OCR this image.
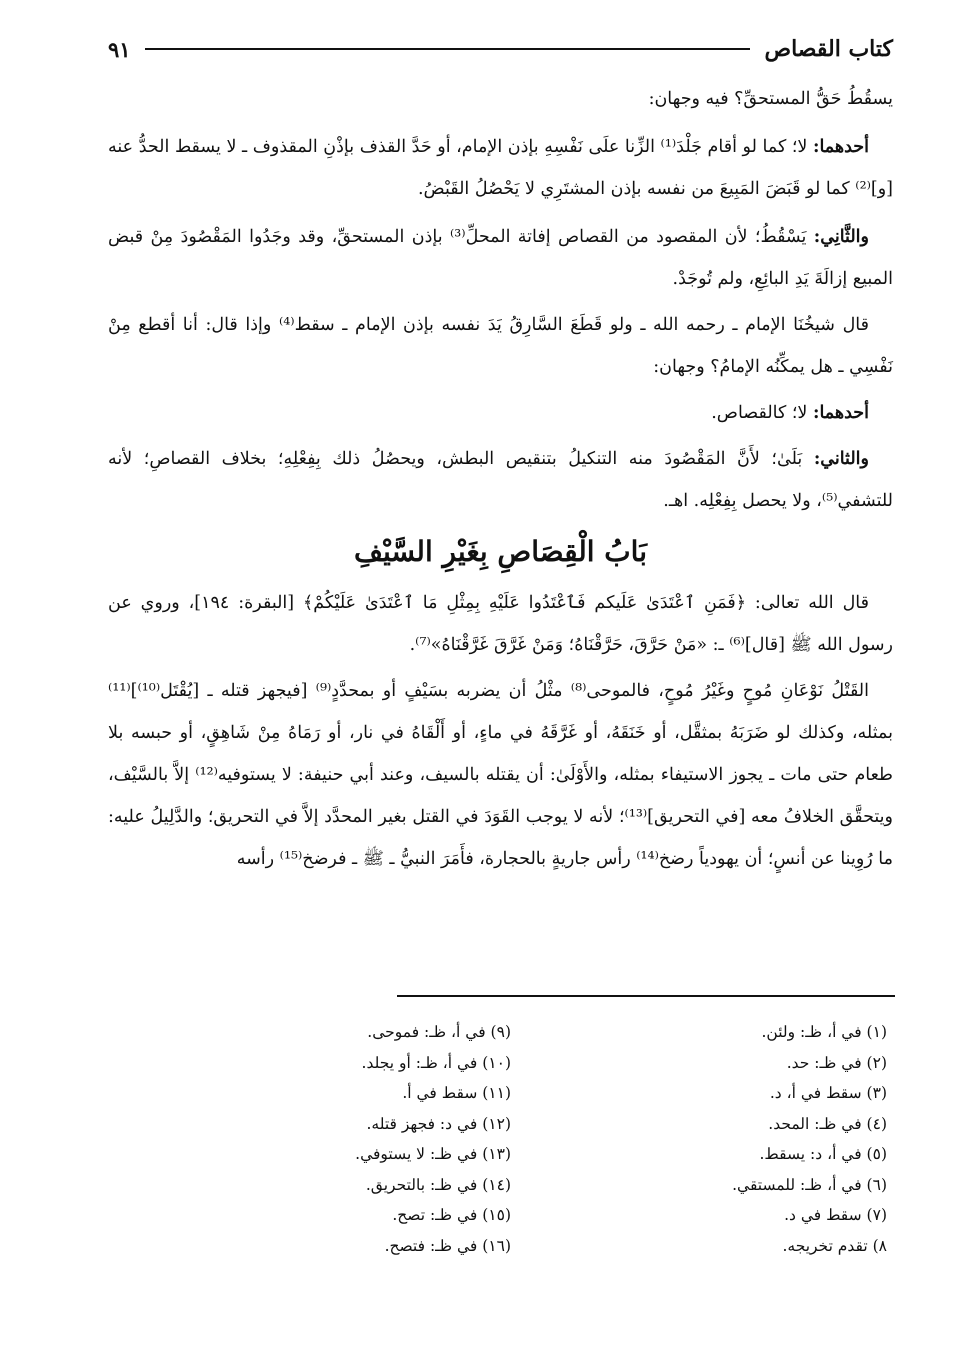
كتاب القصاص
٩١

يسقُطُ حَقُّ المستحقِّ؟ فيه وجهان:

أحدهما: لا؛ كما لو أقام جَلْدَ⁽¹⁾ الزِّنا علَى نَفْسِهِ بإذن الإمام، أو حَدَّ القذف بإذْنِ المقذوف ـ لا يسقط الحدُّ عنه [و]⁽²⁾ كما لو قَبَضَ المَبِيعَ من نفسه بإذن المشتَرِي لا يَحْصُلُ القَبْضُ.

والثَّانِي: يَسْقُطُ؛ لأن المقصود من القصاص إفاتة المحلِّ⁽³⁾ بإذن المستحقِّ، وقد وجَدُوا المَقْصُودَ مِنْ قبض المبيع إزالَةَ يَدِ البائِعِ، ولم تُوجَدْ.

قال شيخُنَا الإمام ـ رحمه الله ـ ولو قَطَعَ السَّارِقُ يَدَ نفسه بإذن الإمام ـ سقط⁽⁴⁾ وإذا قال: أنا أقطع مِنْ نَفْسِي ـ هل يمكِّنُه الإمامُ؟ وجهان:

أحدهما: لا؛ كالقصاص.

والثاني: بَلَىٰ؛ لأَنَّ المَقْصُودَ منه التنكيلُ بتنقيص البطش، ويحصُلُ ذلك بِفِعْلِهِ؛ بخلاف القصاصِ؛ لأنه للتشفي⁽⁵⁾، ولا يحصل بِفِعْلِه. اهـ.

بَابُ الْقِصَاصِ بِغَيْرِ السَّيْفِ

قال الله تعالى: ﴿فَمَنِ ٱعْتَدَىٰ عَلَيكم فَٱعْتَدُوا عَلَيْهِ بِمِثْلِ مَا ٱعْتَدَىٰ عَلَيْكُمْ﴾ [البقرة: ١٩٤]، وروي عن رسول الله ﷺ [قال]⁽⁶⁾ ـ: «مَنْ حَرَّقَ، حَرَّقْنَاهُ؛ وَمَنْ غَرَّقَ غَرَّقْنَاهُ»⁽⁷⁾.

القَتْلُ نَوْعَانِ مُوحٍ وغَيْرُ مُوحٍ، فالموحى⁽⁸⁾ مثْلُ أن يضربه بسَيْفٍ أو بمحدَّدٍ⁽⁹⁾ [فيجهز قتله ـ [يُقْتَل⁽¹⁰⁾]⁽¹¹⁾ بمثله، وكذلك لو ضَرَبَهُ بمثقَّل، أو خَنَقَهُ، أو غَرَّقَهُ في ماءٍ، أو أَلْقَاهُ في نار، أو رَمَاهُ مِنْ شَاهِقٍ، أو حبسه بلا طعام حتى مات ـ يجوز الاستيفاء بمثله، والأَوْلَىٰ: أن يقتله بالسيف، وعند أبي حنيفة: لا يستوفيه⁽¹²⁾ إلاَّ بالسَّيْف، ويتحقَّق الخلافُ معه [في التحريق]⁽¹³⁾؛ لأنه لا يوجب القَوَدَ في القتل بغير المحدَّد إلاَّ في التحريق؛ والدَّلِيلُ عليه: ما رُوِينا عن أنسٍ؛ أن يهودياً رضخ⁽¹⁴⁾ رأس جاريةٍ بالحجارة، فأَمَرَ النبيُّ ـ ﷺ ـ فرضخ⁽¹⁵⁾ رأسه

(١) في أ، ظـ: ولئن.
(٢) في ظـ: حد.
(٣) سقط في أ، د.
(٤) في ظـ: المحد.
(٥) في أ، د: يسقط.
(٦) في أ، ظـ: للمستقي.
(٧) سقط في د.
٨) تقدم تخريجه.
(٩) في أ، ظـ: فموحى.
(١٠) في أ، ظـ: أو يجلد.
(١١) سقط في أ.
(١٢) في د: فجهز قتله.
(١٣) في ظـ: لا يستوفي.
(١٤) في ظـ: بالتحريق.
(١٥) في ظـ: تصح.
(١٦) في ظـ: فتصح.
